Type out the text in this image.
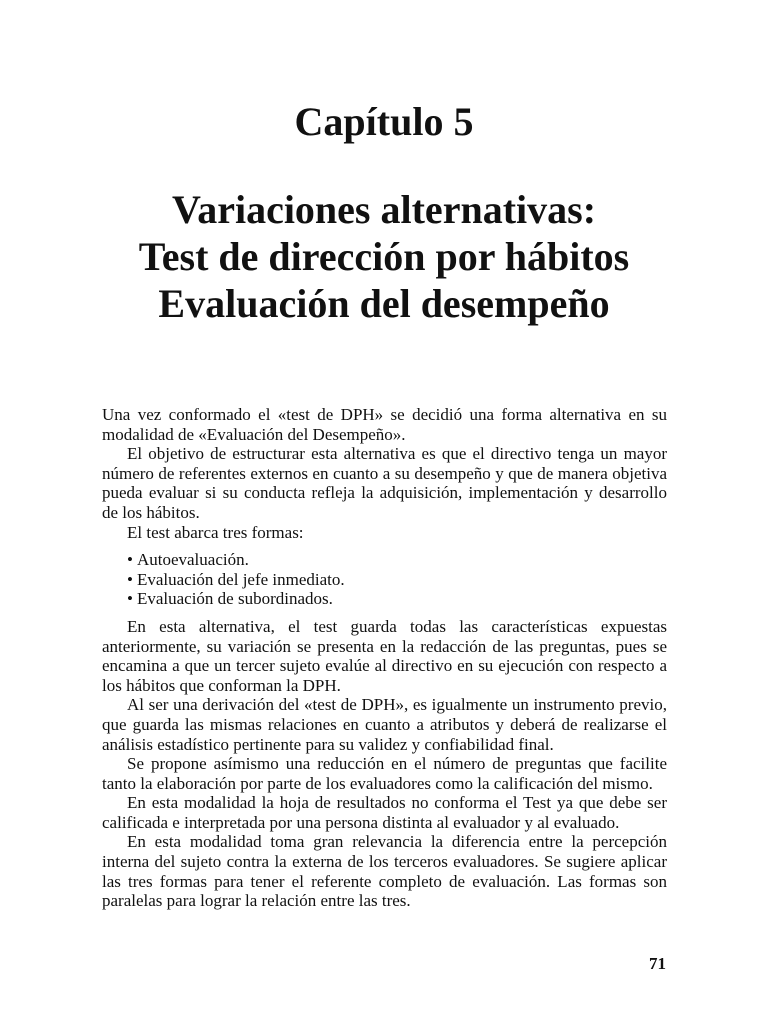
Capítulo 5
Variaciones alternativas:
Test de dirección por hábitos
Evaluación del desempeño

Una vez conformado el «test de DPH» se decidió una forma alternativa en su modalidad de «Evaluación del Desempeño».

El objetivo de estructurar esta alternativa es que el directivo tenga un mayor número de referentes externos en cuanto a su desempeño y que de manera objetiva pueda evaluar si su conducta refleja la adquisición, implementación y desarrollo de los hábitos.

El test abarca tres formas:

• Autoevaluación.
• Evaluación del jefe inmediato.
• Evaluación de subordinados.

En esta alternativa, el test guarda todas las características expuestas anteriormente, su variación se presenta en la redacción de las preguntas, pues se encamina a que un tercer sujeto evalúe al directivo en su ejecución con respecto a los hábitos que conforman la DPH.

Al ser una derivación del «test de DPH», es igualmente un instrumento previo, que guarda las mismas relaciones en cuanto a atributos y deberá de realizarse el análisis estadístico pertinente para su validez y confiabilidad final.

Se propone asímismo una reducción en el número de preguntas que facilite tanto la elaboración por parte de los evaluadores como la calificación del mismo.

En esta modalidad la hoja de resultados no conforma el Test ya que debe ser calificada e interpretada por una persona distinta al evaluador y al evaluado.

En esta modalidad toma gran relevancia la diferencia entre la percepción interna del sujeto contra la externa de los terceros evaluadores. Se sugiere aplicar las tres formas para tener el referente completo de evaluación. Las formas son paralelas para lograr la relación entre las tres.

71
